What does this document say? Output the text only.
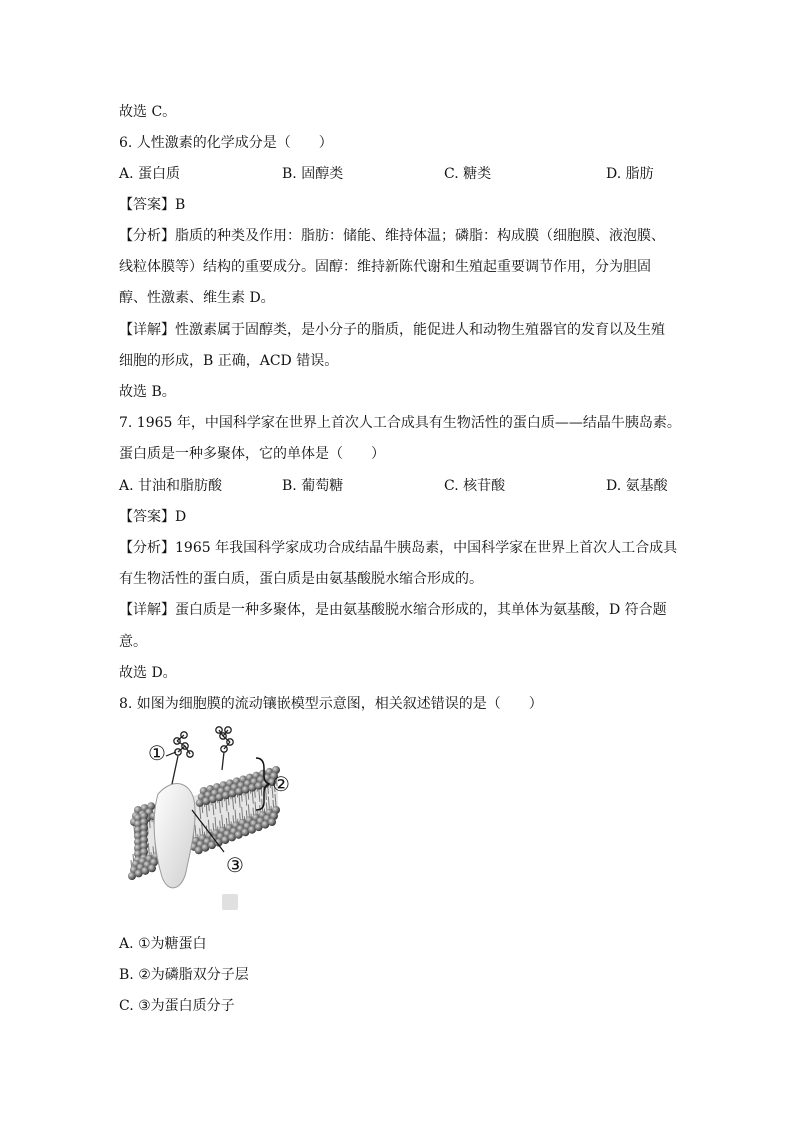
故选 C。
6. 人性激素的化学成分是（　　）
A. 蛋白质	B. 固醇类	C. 糖类	D. 脂肪
【答案】B
【分析】脂质的种类及作用：脂肪：储能、维持体温；磷脂：构成膜（细胞膜、液泡膜、
线粒体膜等）结构的重要成分。固醇：维持新陈代谢和生殖起重要调节作用，分为胆固
醇、性激素、维生素 D。
【详解】性激素属于固醇类，是小分子的脂质，能促进人和动物生殖器官的发育以及生殖
细胞的形成，B 正确，ACD 错误。
故选 B。
7. 1965 年，中国科学家在世界上首次人工合成具有生物活性的蛋白质——结晶牛胰岛素。
蛋白质是一种多聚体，它的单体是（　　）
A. 甘油和脂肪酸	B. 葡萄糖	C. 核苷酸	D. 氨基酸
【答案】D
【分析】1965 年我国科学家成功合成结晶牛胰岛素，中国科学家在世界上首次人工合成具
有生物活性的蛋白质，蛋白质是由氨基酸脱水缩合形成的。
【详解】蛋白质是一种多聚体，是由氨基酸脱水缩合形成的，其单体为氨基酸，D 符合题
意。
故选 D。
8. 如图为细胞膜的流动镶嵌模型示意图，相关叙述错误的是（　　）
①
②
③
A. ①为糖蛋白
B. ②为磷脂双分子层
C. ③为蛋白质分子
